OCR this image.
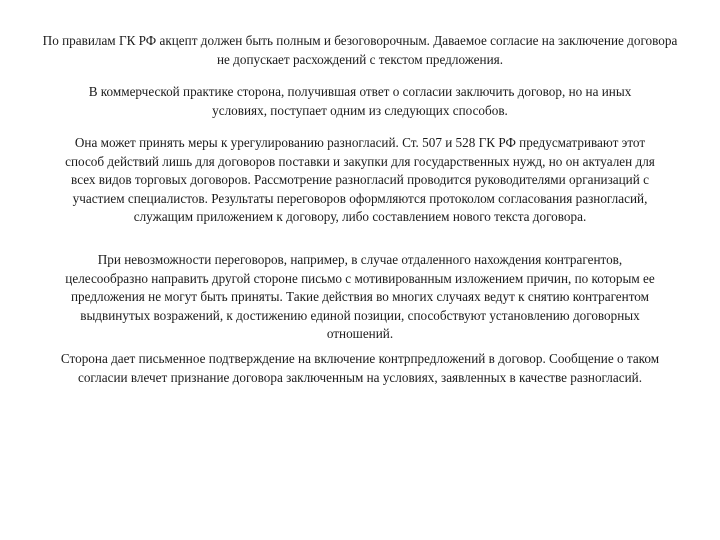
По правилам ГК РФ акцепт должен быть полным и безоговорочным. Даваемое согласие на заключение договора не допускает расхождений с текстом предложения.

В коммерческой практике сторона, получившая ответ о согласии заключить договор, но на иных условиях, поступает одним из следующих способов.

Она может принять меры к урегулированию разногласий. Ст. 507 и 528 ГК РФ предусматривают этот способ действий лишь для договоров поставки и закупки для государственных нужд, но он актуален для всех видов торговых договоров. Рассмотрение разногласий проводится руководителями организаций с участием специалистов. Результаты переговоров оформляются протоколом согласования разногласий, служащим приложением к договору, либо составлением нового текста договора.

При невозможности переговоров, например, в случае отдаленного нахождения контрагентов, целесообразно направить другой стороне письмо с мотивированным изложением причин, по которым ее предложения не могут быть приняты. Такие действия во многих случаях ведут к снятию контрагентом выдвинутых возражений, к достижению единой позиции, способствуют установлению договорных отношений.

Сторона дает письменное подтверждение на включение контрпредложений в договор. Сообщение о таком согласии влечет признание договора заключенным на условиях, заявленных в качестве разногласий.
